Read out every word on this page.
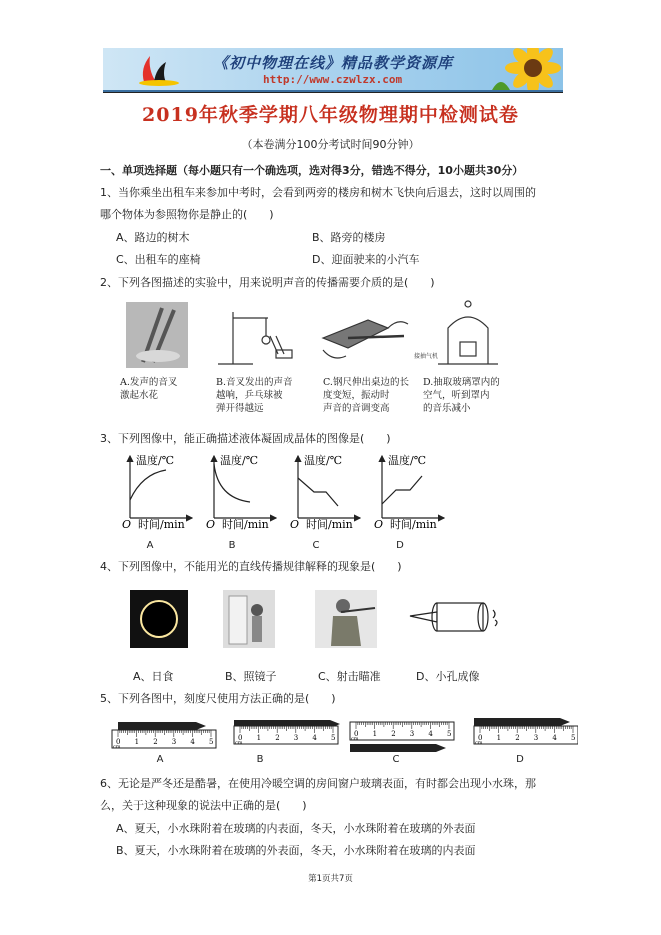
《初中物理在线》精品教学资源库
http://www.czwlzx.com
2019年秋季学期八年级物理期中检测试卷
（本卷满分100分考试时间90分钟）
一、单项选择题（每小题只有一个确选项，选对得3分，错选不得分，10小题共30分）
1、当你乘坐出租车来参加中考时，会看到两旁的楼房和树木飞快向后退去，这时以周围的
哪个物体为参照物你是静止的(　　)
A、路边的树木	B、路旁的楼房
C、出租车的座椅	D、迎面驶来的小汽车
2、下列各图描述的实验中，用来说明声音的传播需要介质的是(　　)
接抽气机
A.发声的音叉
激起水花
B.音叉发出的声音
越响，乒乓球被
弹开得越远
C.钢尺伸出桌边的长
度变短，振动时
声音的音调变高
D.抽取玻璃罩内的
空气，听到罩内
的音乐减小
3、下列图像中，能正确描述液体凝固成晶体的图像是(　　)
温度/℃
O 时间/min
温度/℃
O 时间/min
温度/℃
O 时间/min
温度/℃
O 时间/min
A	B	C	D
4、下列图像中，不能用光的直线传播规律解释的现象是(　　)
A、日食	B、照镜子	C、射击瞄准	D、小孔成像
5、下列各图中，刻度尺使用方法正确的是(　　)
0 1 2 3 4 5
cm
0 1 2 3 4 5
cm
0 1 2 3 4 5
cm	0 1 2 3 4 5
cm
A	B	C	D
6、无论是严冬还是酷暑，在使用冷暖空调的房间窗户玻璃表面，有时都会出现小水珠，那
么，关于这种现象的说法中正确的是(　　)
A、夏天，小水珠附着在玻璃的内表面，冬天，小水珠附着在玻璃的外表面
B、夏天，小水珠附着在玻璃的外表面，冬天，小水珠附着在玻璃的内表面
第1页共7页
